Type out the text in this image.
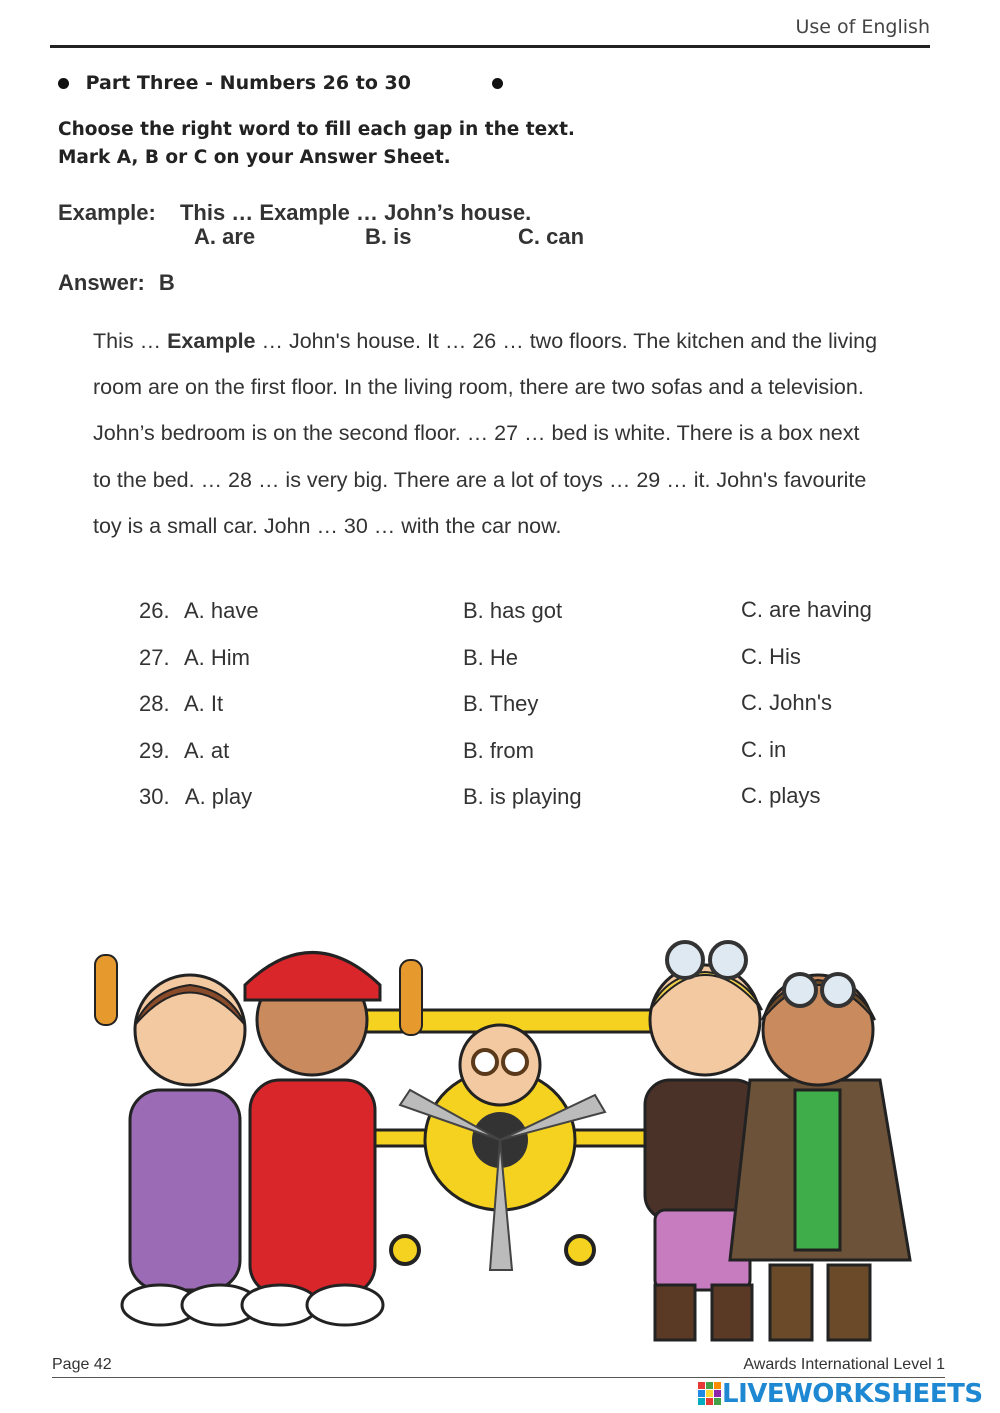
Use of English
Part Three - Numbers 26 to 30
Choose the right word to fill each gap in the text.
Mark A, B or C on your Answer Sheet.
Example: This … Example … John’s house.
A. are	B. is	C. can
Answer: B

This … Example … John's house. It … 26 … two floors. The kitchen and the living

room are on the first floor. In the living room, there are two sofas and a television.

John’s bedroom is on the second floor. … 27 … bed is white. There is a box next

to the bed. … 28 … is very big. There are a lot of toys … 29 … it. John's favourite

toy is a small car. John … 30 … with the car now.

26. A. have	B. has got	C. are having
27. A. Him	B. He	C. His
28. A. It	B. They	C. John's
29. A. at	B. from	C. in
30. A. play	B. is playing	C. plays
Page 42	Awards International Level 1
LIVEWORKSHEETS
